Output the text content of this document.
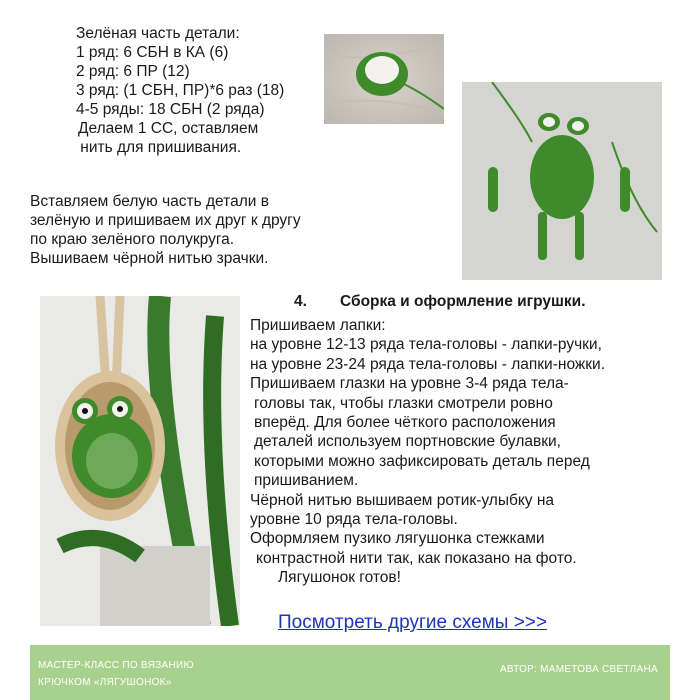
Зелёная часть детали:
1 ряд: 6 СБН в КА (6)
2 ряд: 6 ПР (12)
3 ряд: (1 СБН, ПР)*6 раз (18)
4-5 ряды: 18 СБН (2 ряда)
Делаем 1 СС, оставляем
нить для пришивания.
Вставляем белую часть детали в
зелёную и пришиваем их друг к другу
по краю зелёного полукруга.
Вышиваем чёрной нитью зрачки.
4. Сборка и оформление игрушки.
Пришиваем лапки:
на уровне 12-13 ряда тела-головы - лапки-ручки,
на уровне 23-24 ряда тела-головы - лапки-ножки.
Пришиваем глазки на уровне 3-4 ряда тела-
головы так, чтобы глазки смотрели ровно
вперёд. Для более чёткого расположения
деталей используем портновские булавки,
которыми можно зафиксировать деталь перед
пришиванием.
Чёрной нитью вышиваем ротик-улыбку на
уровне 10 ряда тела-головы.
Оформляем пузико лягушонка стежками
контрастной нити так, как показано на фото.
Лягушонок готов!
Посмотреть другие схемы >>>
МАСТЕР-КЛАСС ПО ВЯЗАНИЮ
КРЮЧКОМ «ЛЯГУШОНОК»
АВТОР: МАМЕТОВА СВЕТЛАНА
